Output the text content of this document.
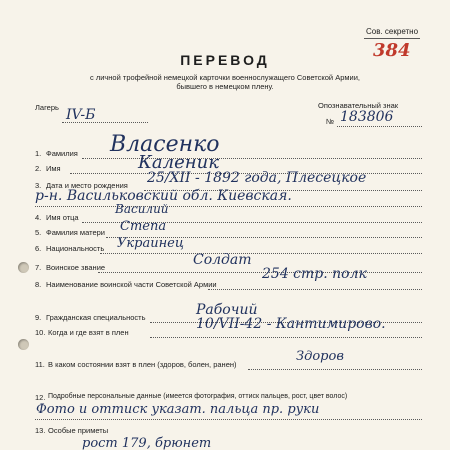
Сов. секретно
384
ПЕРЕВОД
с личной трофейной немецкой карточки военнослужащего Советской Армии,
бывшего в немецком плену.
Лагерь IV-Б
Опознавательный знак
№ 183806
1. Фамилия Власенко
2. Имя	Каленик
3. Дата и место рождения 25/XII - 1892 года, Плесецкое
р-н. Васильковский обл. Киевская.
4. Имя отца
Василий
5. Фамилия матери Степа
6. Национальность Украинец
7. Воинское звание	Солдат
8. Наименование воинской части Советской Армии
254 стр. полк
9. Гражданская специальность	Рабочий
10. Когда и где взят в плен
10/VII-42 - Кантимирово.
11. В каком состоянии взят в плен (здоров, болен, ранен)
Здоров
12. Подробные персональные данные (имеется фотография, оттиск пальцев, рост, цвет волос)
Фото и оттиск указат. пальца пр. руки
13. Особые приметы
рост 179, брюнет
